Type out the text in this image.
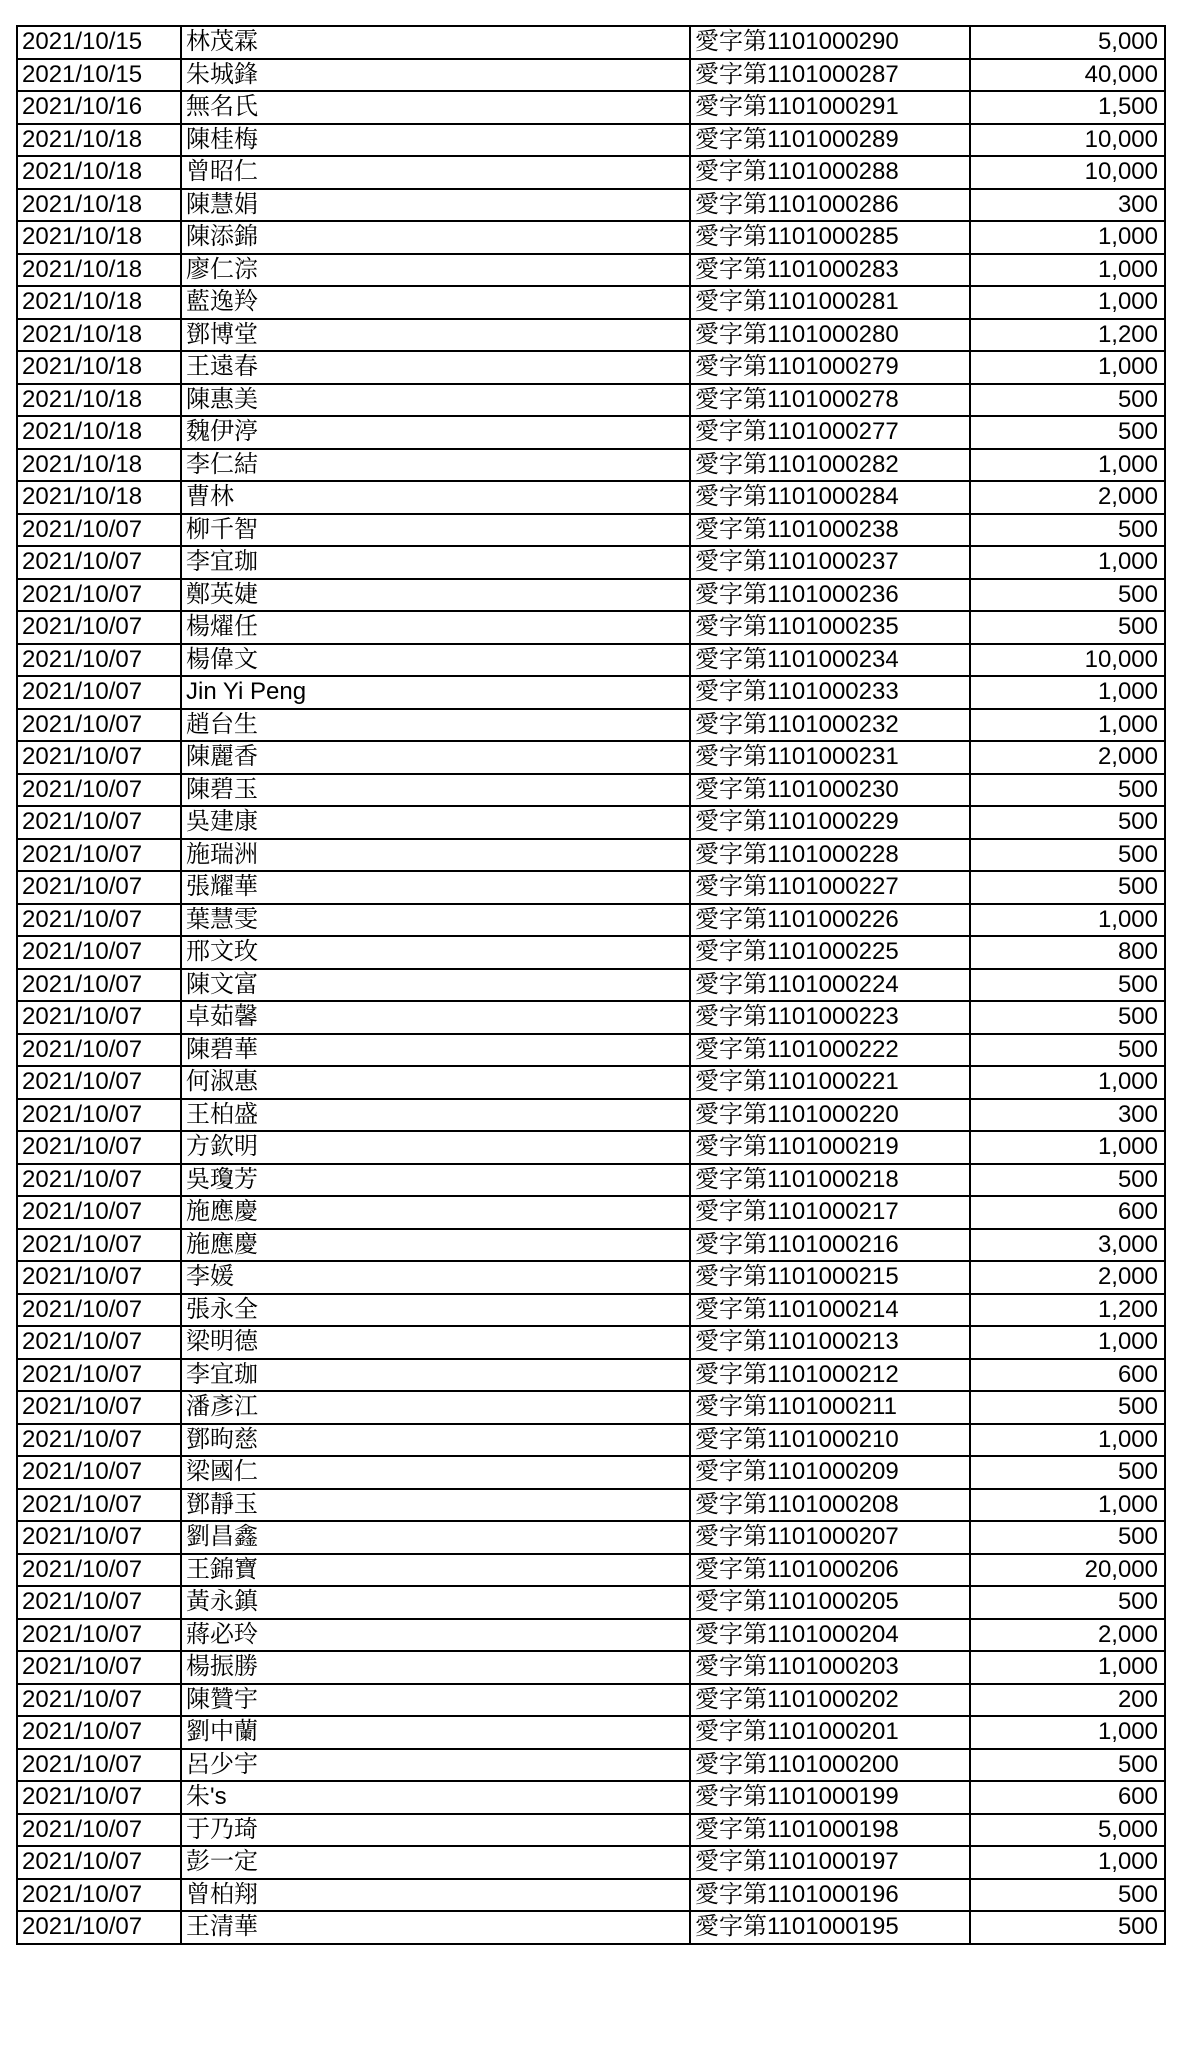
2021/10/15	林茂霖	愛字第1101000290	5,000
2021/10/15	朱城鋒	愛字第1101000287	40,000
2021/10/16	無名氏	愛字第1101000291	1,500
2021/10/18	陳桂梅	愛字第1101000289	10,000
2021/10/18	曾昭仁	愛字第1101000288	10,000
2021/10/18	陳慧娟	愛字第1101000286	300
2021/10/18	陳添錦	愛字第1101000285	1,000
2021/10/18	廖仁淙	愛字第1101000283	1,000
2021/10/18	藍逸羚	愛字第1101000281	1,000
2021/10/18	鄧博堂	愛字第1101000280	1,200
2021/10/18	王遠春	愛字第1101000279	1,000
2021/10/18	陳惠美	愛字第1101000278	500
2021/10/18	魏伊渟	愛字第1101000277	500
2021/10/18	李仁結	愛字第1101000282	1,000
2021/10/18	曹林	愛字第1101000284	2,000
2021/10/07	柳千智	愛字第1101000238	500
2021/10/07	李宜珈	愛字第1101000237	1,000
2021/10/07	鄭英婕	愛字第1101000236	500
2021/10/07	楊燿任	愛字第1101000235	500
2021/10/07	楊偉文	愛字第1101000234	10,000
2021/10/07	Jin Yi Peng	愛字第1101000233	1,000
2021/10/07	趙台生	愛字第1101000232	1,000
2021/10/07	陳麗香	愛字第1101000231	2,000
2021/10/07	陳碧玉	愛字第1101000230	500
2021/10/07	吳建康	愛字第1101000229	500
2021/10/07	施瑞洲	愛字第1101000228	500
2021/10/07	張耀華	愛字第1101000227	500
2021/10/07	葉慧雯	愛字第1101000226	1,000
2021/10/07	邢文玫	愛字第1101000225	800
2021/10/07	陳文富	愛字第1101000224	500
2021/10/07	卓茹馨	愛字第1101000223	500
2021/10/07	陳碧華	愛字第1101000222	500
2021/10/07	何淑惠	愛字第1101000221	1,000
2021/10/07	王柏盛	愛字第1101000220	300
2021/10/07	方欽明	愛字第1101000219	1,000
2021/10/07	吳瓊芳	愛字第1101000218	500
2021/10/07	施應慶	愛字第1101000217	600
2021/10/07	施應慶	愛字第1101000216	3,000
2021/10/07	李媛	愛字第1101000215	2,000
2021/10/07	張永全	愛字第1101000214	1,200
2021/10/07	梁明德	愛字第1101000213	1,000
2021/10/07	李宜珈	愛字第1101000212	600
2021/10/07	潘彥江	愛字第1101000211	500
2021/10/07	鄧昫慈	愛字第1101000210	1,000
2021/10/07	梁國仁	愛字第1101000209	500
2021/10/07	鄧靜玉	愛字第1101000208	1,000
2021/10/07	劉昌鑫	愛字第1101000207	500
2021/10/07	王錦寶	愛字第1101000206	20,000
2021/10/07	黃永鎮	愛字第1101000205	500
2021/10/07	蔣必玲	愛字第1101000204	2,000
2021/10/07	楊振勝	愛字第1101000203	1,000
2021/10/07	陳贊宇	愛字第1101000202	200
2021/10/07	劉中蘭	愛字第1101000201	1,000
2021/10/07	呂少宇	愛字第1101000200	500
2021/10/07	朱's	愛字第1101000199	600
2021/10/07	于乃琦	愛字第1101000198	5,000
2021/10/07	彭一定	愛字第1101000197	1,000
2021/10/07	曾柏翔	愛字第1101000196	500
2021/10/07	王清華	愛字第1101000195	500
